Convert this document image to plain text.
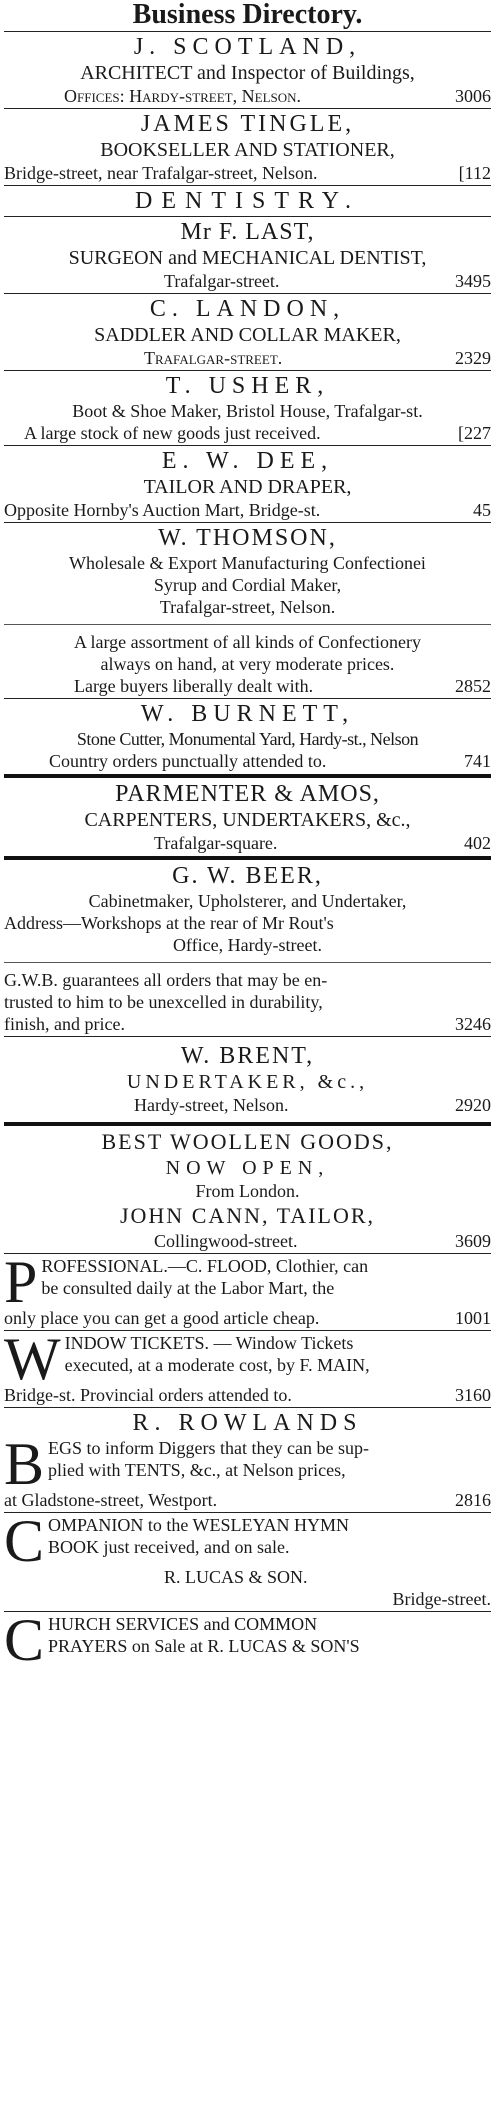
Business Directory.
J. SCOTLAND,
ARCHITECT and Inspector of Buildings,
Offices: Hardy-street, Nelson.	3006
JAMES TINGLE,
BOOKSELLER AND STATIONER,
Bridge-street, near Trafalgar-street, Nelson.	[112
DENTISTRY.
Mr F. LAST,
SURGEON and MECHANICAL DENTIST,
Trafalgar-street.	3495
C. LANDON,
SADDLER AND COLLAR MAKER,
Trafalgar-street.	2329
T. USHER,
Boot & Shoe Maker, Bristol House, Trafalgar-st.
A large stock of new goods just received.	[227
E. W. DEE,
TAILOR AND DRAPER,
Opposite Hornby's Auction Mart, Bridge-st.	45
W. THOMSON,
Wholesale & Export Manufacturing Confectionei
Syrup and Cordial Maker,
Trafalgar-street, Nelson.
A large assortment of all kinds of Confectionery
always on hand, at very moderate prices.
Large buyers liberally dealt with.	2852
W. BURNETT,
Stone Cutter, Monumental Yard, Hardy-st., Nelson
Country orders punctually attended to.	741
PARMENTER & AMOS,
CARPENTERS, UNDERTAKERS, &c.,
Trafalgar-square.	402
G. W. BEER,
Cabinetmaker, Upholsterer, and Undertaker,
Address—Workshops at the rear of Mr Rout's
Office, Hardy-street.
G.W.B. guarantees all orders that may be en-
trusted to him to be unexcelled in durability,
finish, and price.	3246
W. BRENT,
UNDERTAKER, &c.,
Hardy-street, Nelson.	2920
BEST WOOLLEN GOODS,
NOW OPEN,
From London.
JOHN CANN, TAILOR,
Collingwood-street.	3609
P ROFESSIONAL.—C. FLOOD, Clothier, can
be consulted daily at the Labor Mart, the
only place you can get a good article cheap.	1001
W INDOW TICKETS. — Window Tickets
executed, at a moderate cost, by F. MAIN,
Bridge-st. Provincial orders attended to.	3160
R. ROWLANDS
B EGS to inform Diggers that they can be sup-
plied with TENTS, &c., at Nelson prices,
at Gladstone-street, Westport.	2816
C OMPANION to the WESLEYAN HYMN
BOOK just received, and on sale.
R. LUCAS & SON.
Bridge-street.
C HURCH SERVICES and COMMON
PRAYERS on Sale at R. LUCAS & SON'S
